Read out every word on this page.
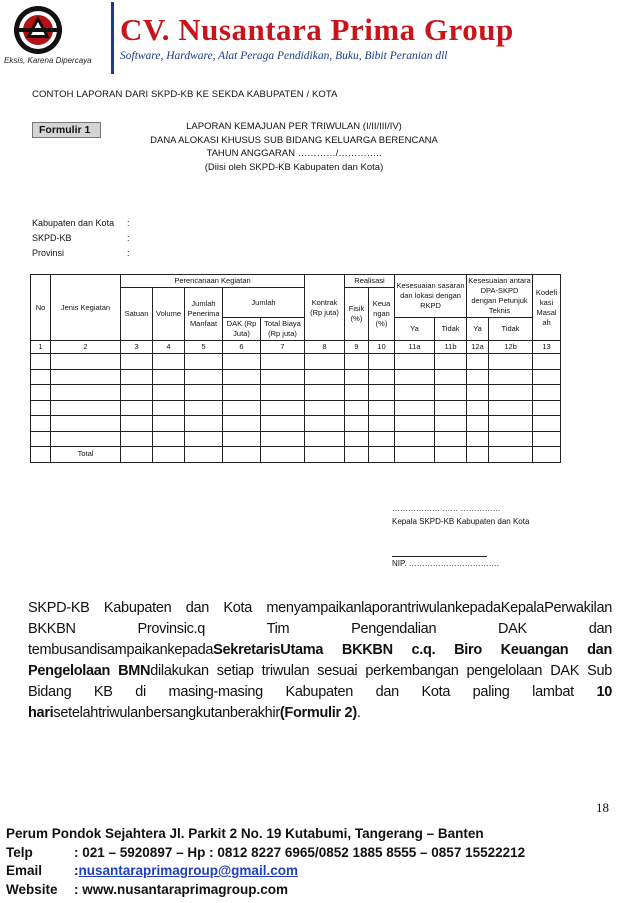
Eksis, Karena Dipercaya
CV. Nusantara Prima Group
Software, Hardware, Alat Peraga Pendidikan, Buku, Bibit Peranian dll
CONTOH LAPORAN DARI SKPD-KB KE SEKDA KABUPATEN / KOTA
Formulir 1	LAPORAN KEMAJUAN PER TRIWULAN (I/II/III/IV)
DANA ALOKASI KHUSUS SUB BIDANG KELUARGA BERENCANA
TAHUN ANGGARAN …………/…………..
(Diisi oleh SKPD-KB Kabupaten dan Kota)
Kabupaten dan Kota	:
SKPD-KB	:
Provinsi	:
No	Jenis Kegiatan	Perencanaan Kegiatan					Kontrak (Rp juta)	Realisasi		Kesesuaian sasaran dan lokasi dengan RKPD		Kesesuaian antara DPA-SKPD dengan Petunjuk Teknis		Kodefi kasi Masal ah
		Satuan	Volume	Jumlah Penerima Manfaat	Jumlah			Fisik (%)	Keua ngan (%)					
					DAK (Rp Juta)	Total Biaya (Rp juta)				Ya	Tidak	Ya	Tidak	
1	2	3	4	5	6	7	8	9	10	11a	11b	12a	12b	13

	Total													
……………… …… ……………
Kepala SKPD-KB Kabupaten dan Kota
NIP. …………………………….
SKPD-KB Kabupaten dan Kota menyampaikanlaporantriwulankepadaKepalaPerwakilan BKKBN Provinsic.q Tim Pengendalian DAK dan tembusandisampaikankepadaSekretarisUtama BKKBN c.q. Biro Keuangan dan Pengelolaan BMNdilakukan setiap triwulan sesuai perkembangan pengelolaan DAK Sub Bidang KB di masing-masing Kabupaten dan Kota paling lambat 10 harisetelahtriwulanbersangkutanberakhir(Formulir 2).
18
Perum Pondok Sejahtera Jl. Parkit 2 No. 19 Kutabumi, Tangerang – Banten
Telp	: 021 – 5920897 – Hp : 0812 8227 6965/0852 1885 8555 – 0857 15522212
Email	: nusantaraprimagroup@gmail.com
Website	: www.nusantaraprimagroup.com
